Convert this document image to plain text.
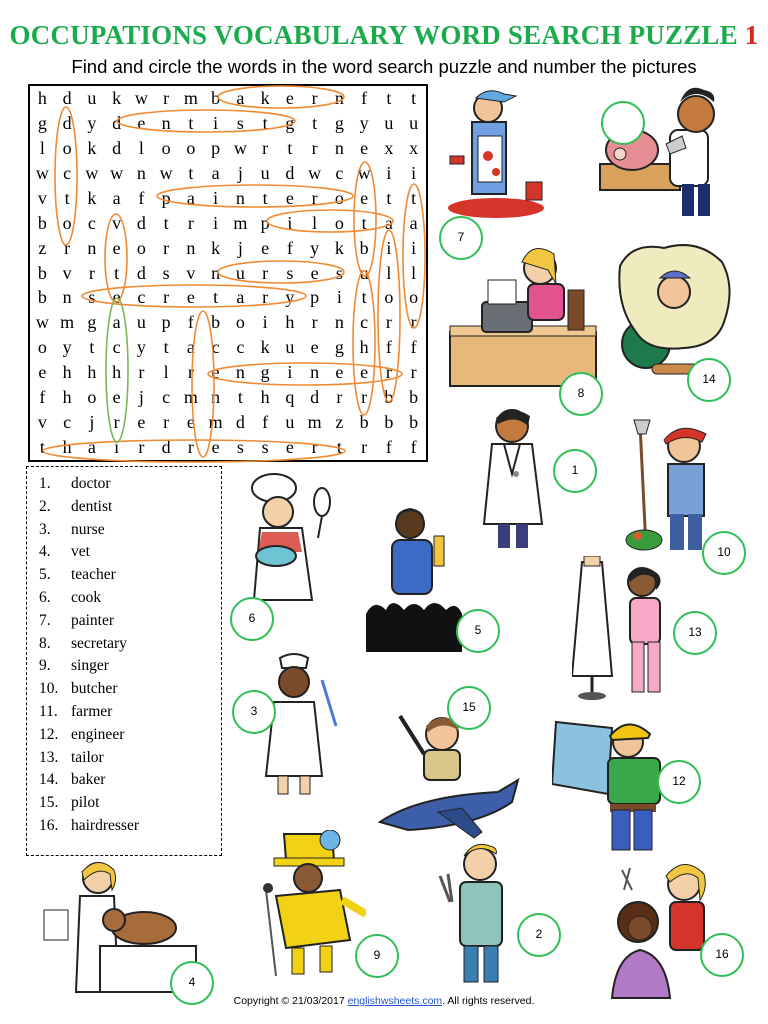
OCCUPATIONS VOCABULARY WORD SEARCH PUZZLE 1
Find and circle the words in the word search puzzle and number the pictures
h d u k w r m b a k e r n f	t	t
g d y d e n t	i	s	t g t g y u u
l o k d l o o p w r	t	r n e x x
w c w w n w t	a	j u d w c w i	i
v t k a f p a	i n t	e r o e	t	t
b o c v d t	r	i m p i	l o t	a a
z r n e o r n k j	e f y k b i	i
b v r	t d s v n u r	s e s u l	l
b n s e c r e	t	a r y p i	t o o
w m g a u p f b o i h r n c r	r
o y t	c y t	a c c k u e g h f	f
e h h h r	l	r e n g i n e e r	r
f h o e	j	c m n t h q d r	r b b
v c	j	r e r e m d f u m z b b b
t h a	i	r d r e s s e r	t	r	f	f
1. doctor
2. dentist
3. nurse
4. vet
5. teacher
6. cook
7. painter
8. secretary
9. singer
10. butcher
11. farmer
12. engineer
13. tailor
14. baker
15. pilot
16. hairdresser
7
8
14
1
10
6
5	13
3	15
12
4
9
2
16
Copyright © 21/03/2017 englishwsheets.com. All rights reserved.
